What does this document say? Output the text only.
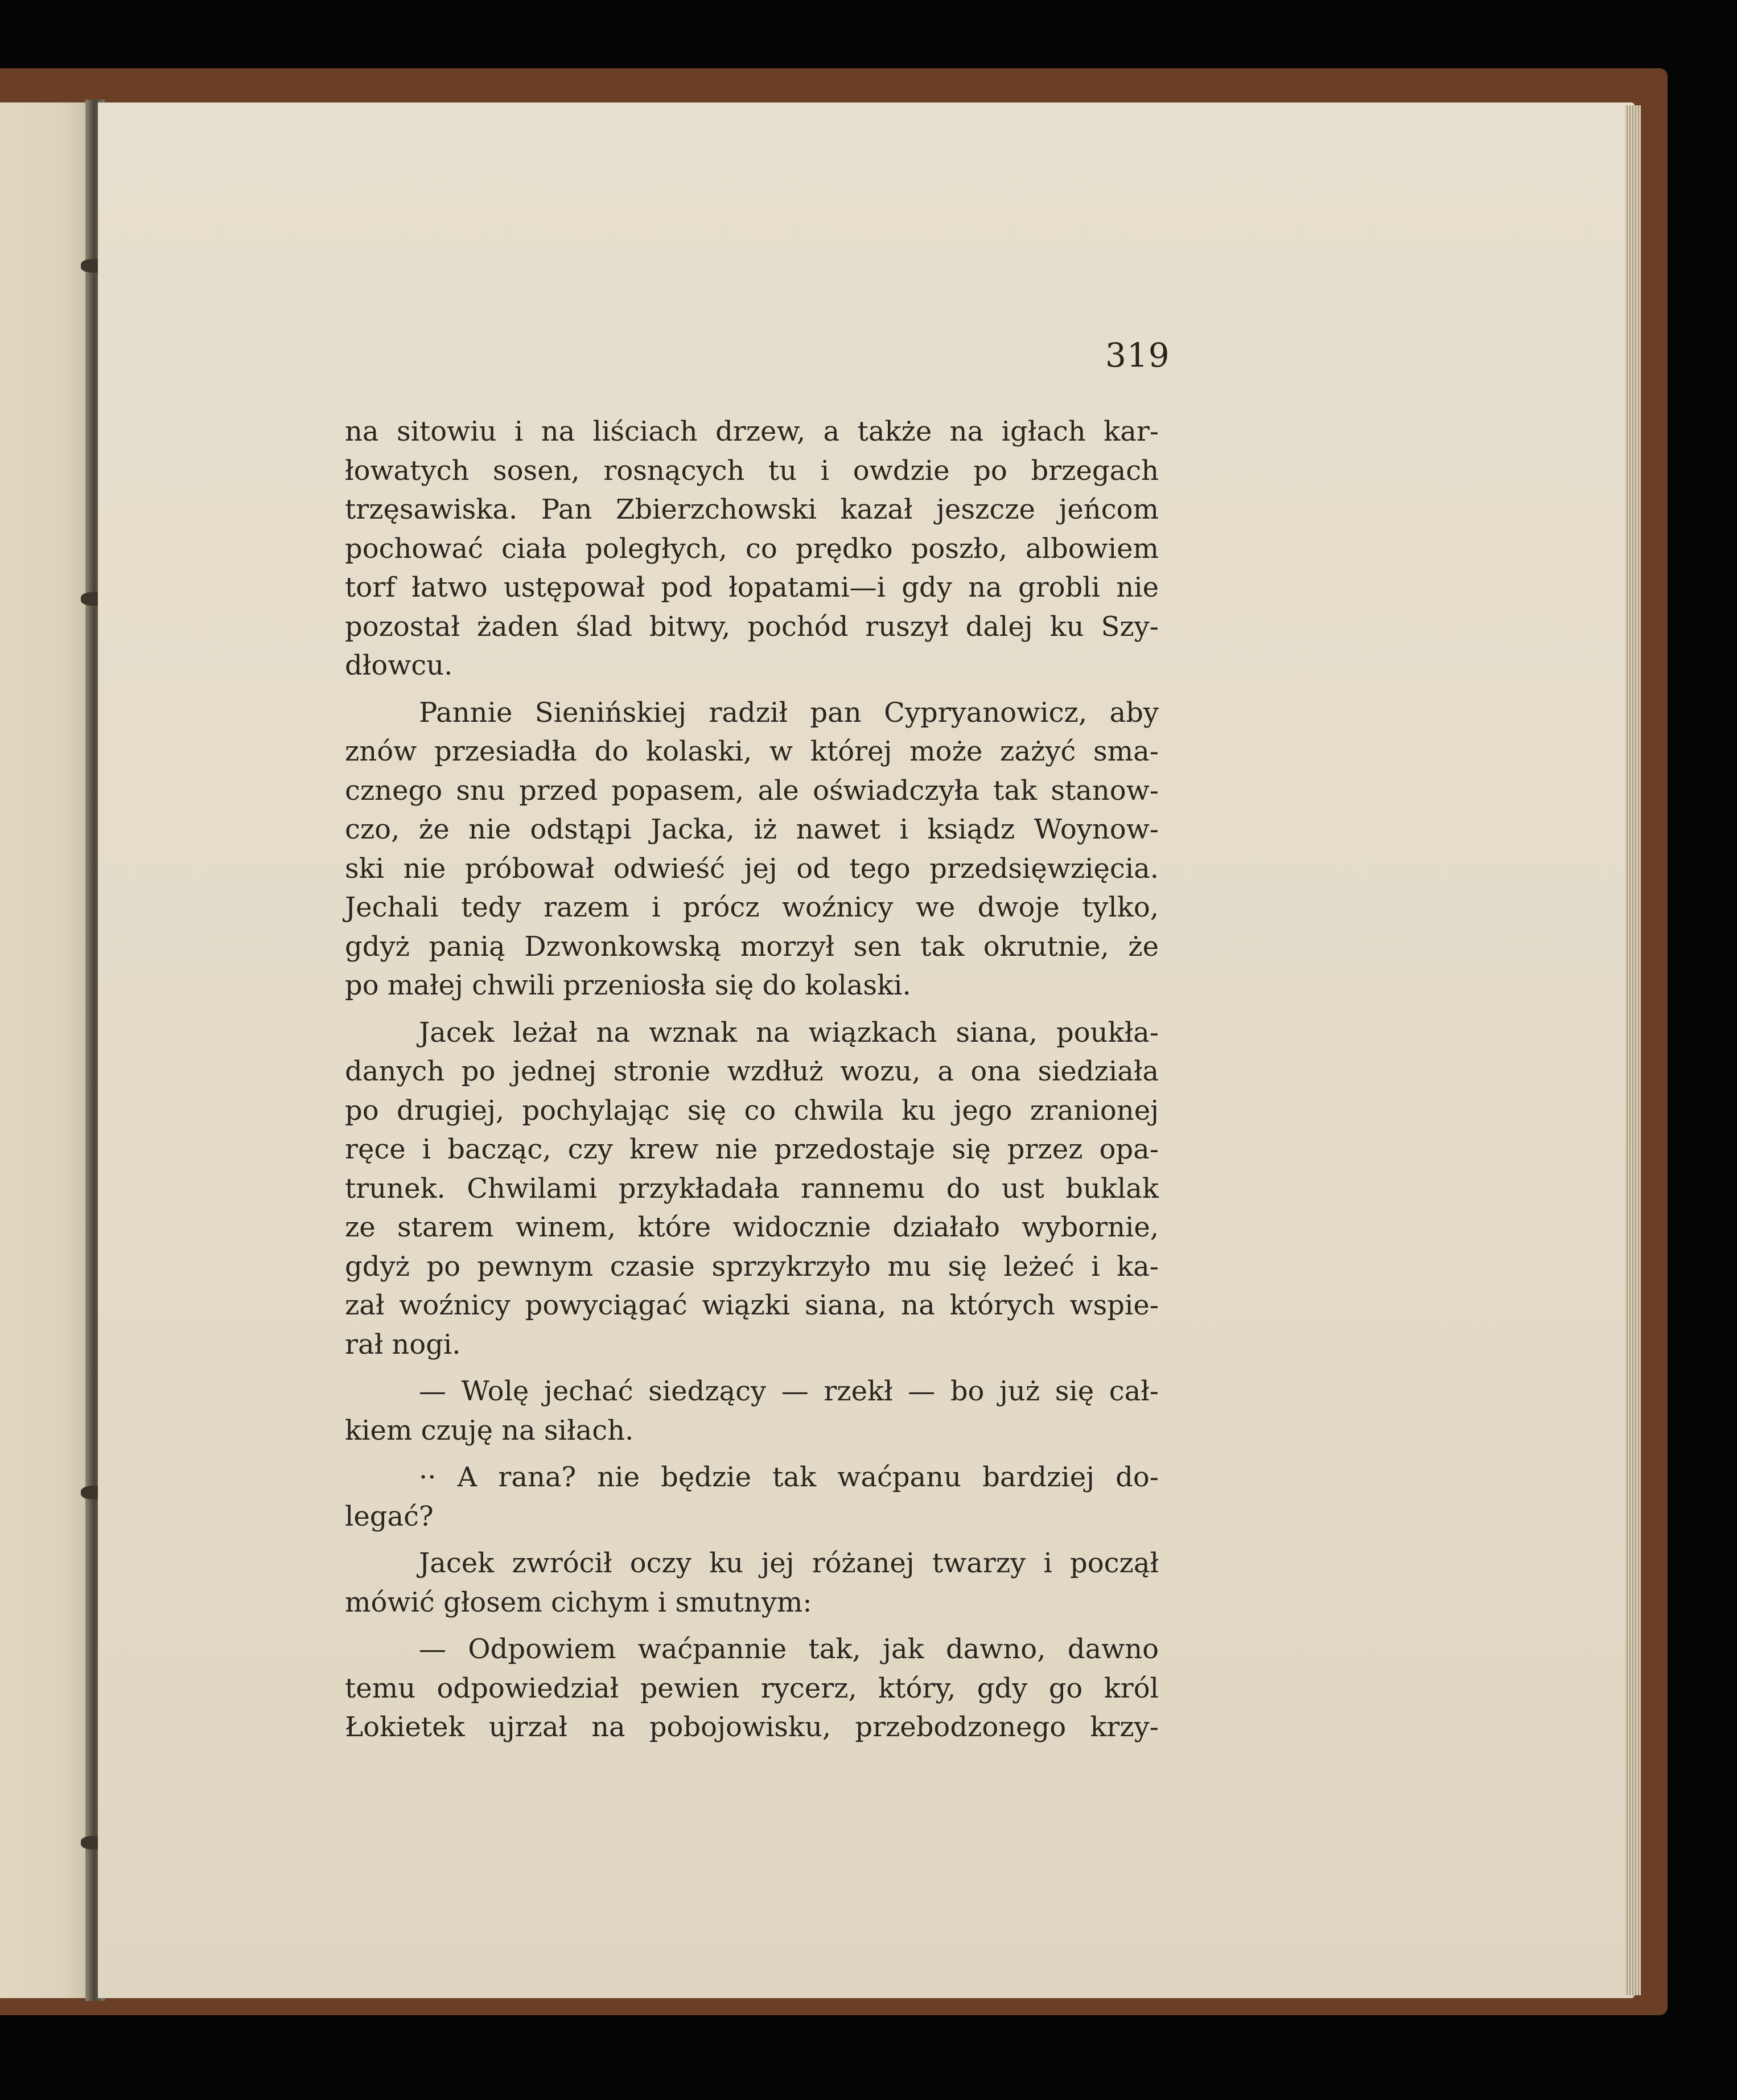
319

na sitowiu i na liściach drzew, a także na igłach kar-

łowatych sosen, rosnących tu i owdzie po brzegach

trzęsawiska. Pan Zbierzchowski kazał jeszcze jeńcom

pochować ciała poległych, co prędko poszło, albowiem

torf łatwo ustępował pod łopatami—i gdy na grobli nie

pozostał żaden ślad bitwy, pochód ruszył dalej ku Szy-

dłowcu.

Pannie Sienińskiej radził pan Cypryanowicz, aby

znów przesiadła do kolaski, w której może zażyć sma-

cznego snu przed popasem, ale oświadczyła tak stanow-

czo, że nie odstąpi Jacka, iż nawet i ksiądz Woynow-

ski nie próbował odwieść jej od tego przedsięwzięcia.

Jechali tedy razem i prócz woźnicy we dwoje tylko,

gdyż panią Dzwonkowską morzył sen tak okrutnie, że

po małej chwili przeniosła się do kolaski.

Jacek leżał na wznak na wiązkach siana, poukła-

danych po jednej stronie wzdłuż wozu, a ona siedziała

po drugiej, pochylając się co chwila ku jego zranionej

ręce i bacząc, czy krew nie przedostaje się przez opa-

trunek. Chwilami przykładała rannemu do ust buklak

ze starem winem, które widocznie działało wybornie,

gdyż po pewnym czasie sprzykrzyło mu się leżeć i ka-

zał woźnicy powyciągać wiązki siana, na których wspie-

rał nogi.

— Wolę jechać siedzący — rzekł — bo już się cał-

kiem czuję na siłach.

·· A rana? nie będzie tak waćpanu bardziej do-

legać?

Jacek zwrócił oczy ku jej różanej twarzy i począł

mówić głosem cichym i smutnym:

— Odpowiem waćpannie tak, jak dawno, dawno

temu odpowiedział pewien rycerz, który, gdy go król

Łokietek ujrzał na pobojowisku, przebodzonego krzy-
